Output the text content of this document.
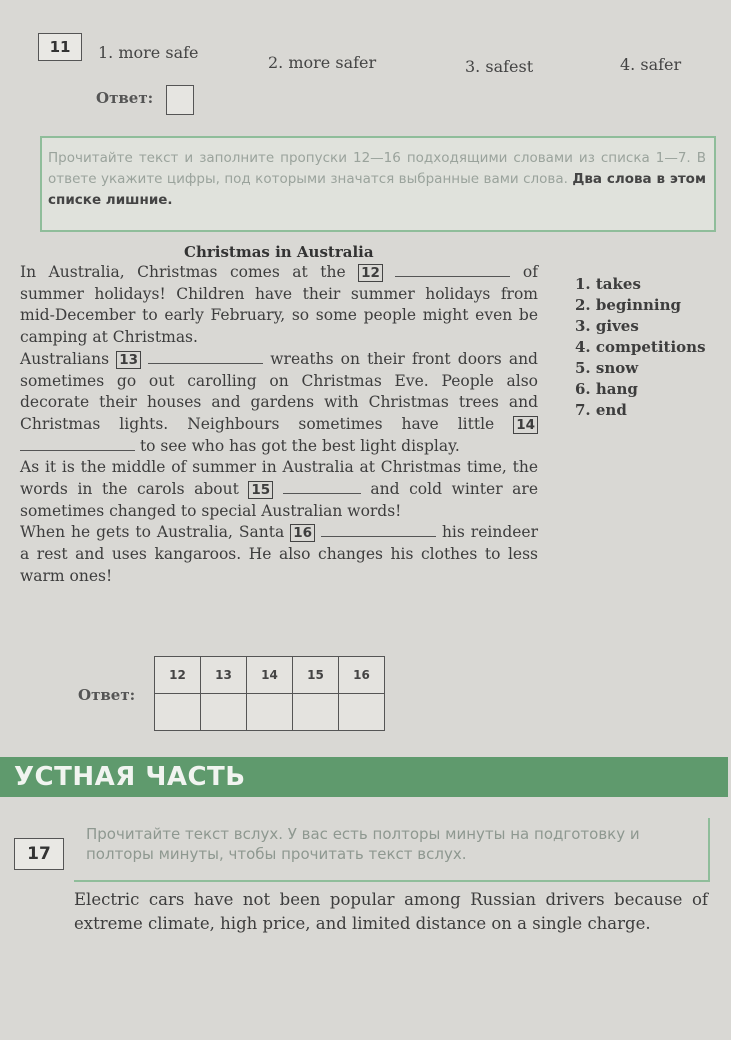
11	1. more safe
2. more safer	3. safest	4. safer
Ответ:
Прочитайте текст и заполните пропуски 12—16 подходящими словами из списка 1—7. В ответе укажите цифры, под которыми значатся выбранные вами слова. Два слова в этом списке лишние.
Christmas in Australia

In Australia, Christmas comes at the 12	of summer holidays! Children have their summer holidays from mid-December to early February, so some people might even be camping at Christmas.

Australians 13	wreaths on their front doors and sometimes go out carolling on Christmas Eve. People also decorate their houses and gardens with Christmas trees and Christmas lights. Neighbours sometimes have little 14  to see who has got the best light display.

As it is the middle of summer in Australia at Christmas time, the words in the carols about 15	and cold winter are sometimes changed to special Australian words!

When he gets to Australia, Santa 16	his reindeer a rest and uses kangaroos. He also changes his clothes to less warm ones!

1. takes
2. beginning
3. gives
4. competitions
5. snow
6. hang
7. end
Ответ:
12	13	14	15	16

УСТНАЯ ЧАСТЬ
17
Прочитайте текст вслух. У вас есть полторы минуты на подготовку и полторы минуты, чтобы прочитать текст вслух.
Electric cars have not been popular among Russian drivers because of extreme climate, high price, and limited distance on a single charge.
